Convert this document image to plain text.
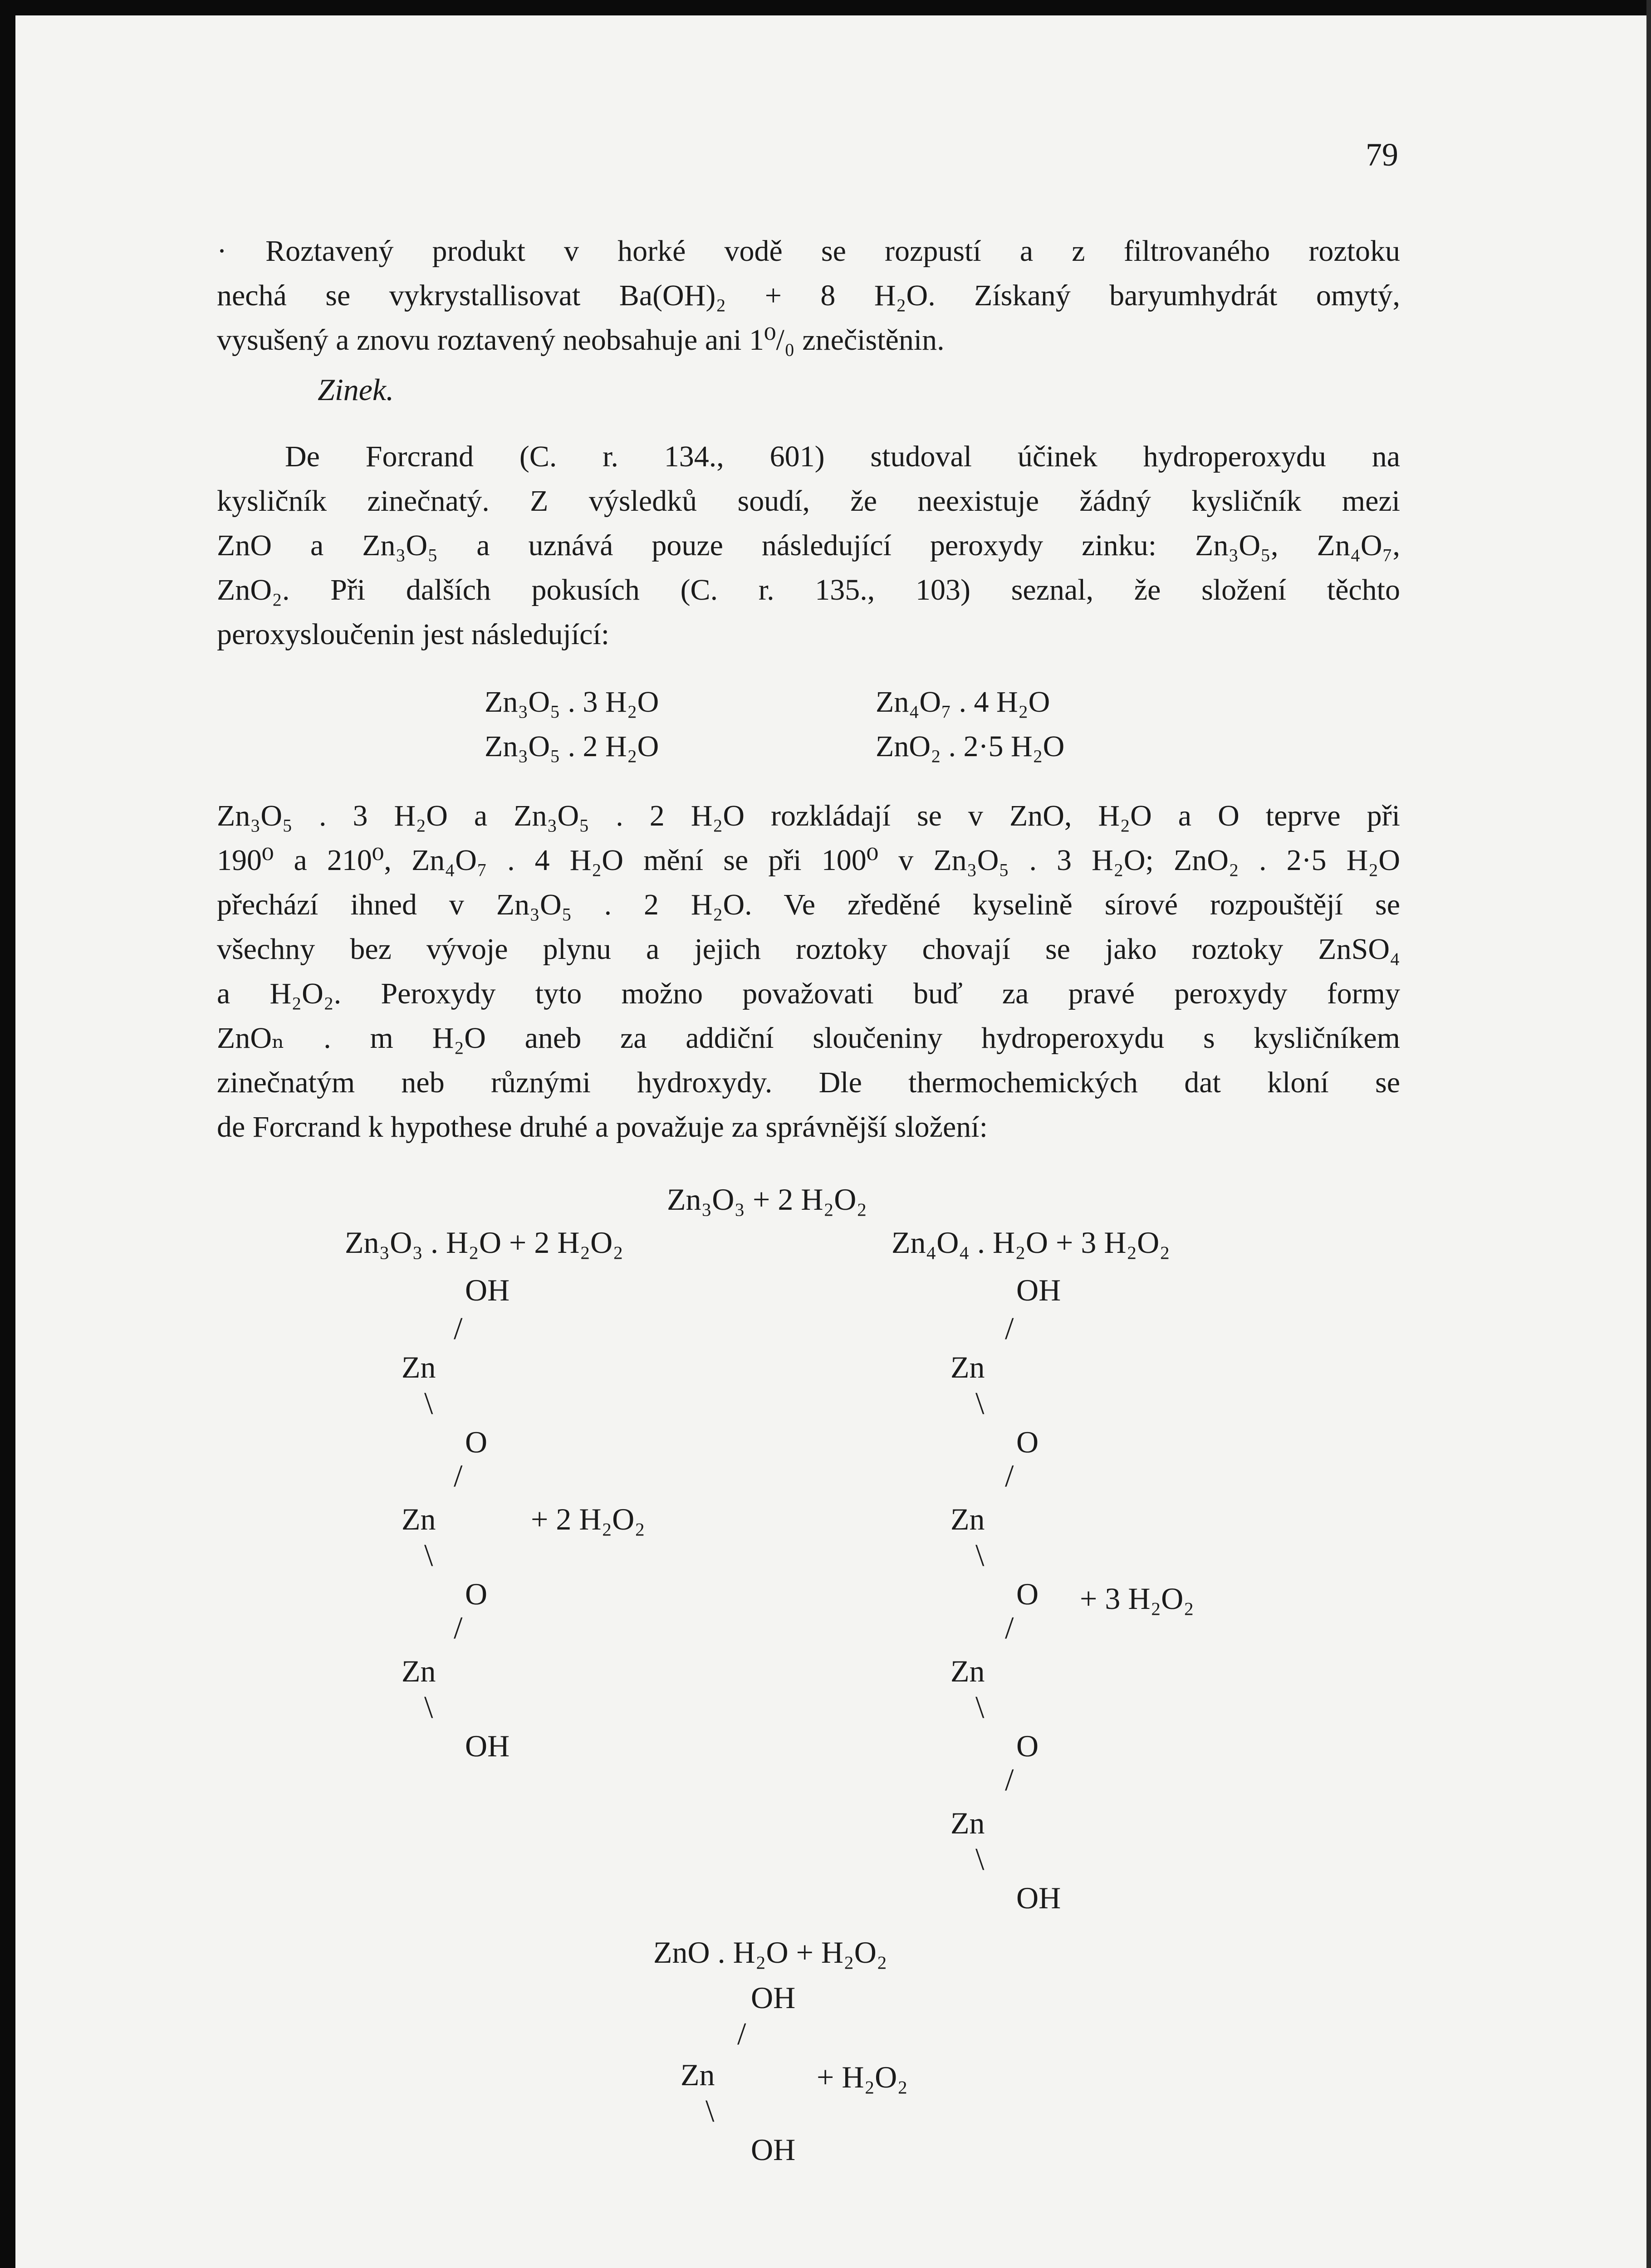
79
· Roztavený produkt v horké vodě se rozpustí a z filtrovaného roztoku
nechá se vykrystallisovat Ba(OH)₂ + 8 H₂O. Získaný baryumhydrát omytý,
vysušený a znovu roztavený neobsahuje ani 1⁰/₀ znečistěnin.
Zinek.
De Forcrand (C. r. 134., 601) studoval účinek hydroperoxydu na
kysličník zinečnatý. Z výsledků soudí, že neexistuje žádný kysličník mezi
ZnO a Zn₃O₅ a uznává pouze následující peroxydy zinku: Zn₃O₅, Zn₄O₇,
ZnO₂. Při dalších pokusích (C. r. 135., 103) seznal, že složení těchto
peroxysloučenin jest následující:
Zn₃O₅ . 3 H₂O	Zn₄O₇ . 4 H₂O
Zn₃O₅ . 2 H₂O	ZnO₂ . 2·5 H₂O
Zn₃O₅ . 3 H₂O a Zn₃O₅ . 2 H₂O rozkládají se v ZnO, H₂O a O teprve při
190⁰ a 210⁰, Zn₄O₇ . 4 H₂O mění se při 100⁰ v Zn₃O₅ . 3 H₂O; ZnO₂ . 2·5 H₂O
přechází ihned v Zn₃O₅ . 2 H₂O. Ve zředěné kyselině sírové rozpouštějí se
všechny bez vývoje plynu a jejich roztoky chovají se jako roztoky ZnSO₄
a H₂O₂. Peroxydy tyto možno považovati buď za pravé peroxydy formy
ZnOₙ . m H₂O aneb za addiční sloučeniny hydroperoxydu s kysličníkem
zinečnatým neb různými hydroxydy. Dle thermochemických dat kloní se
de Forcrand k hypothese druhé a považuje za správnější složení:
Zn₃O₃ + 2 H₂O₂
Zn₃O₃ . H₂O + 2 H₂O₂
OH
/
Zn
\
O
/
Zn	+ 2 H₂O₂
\
O
/
Zn
\
OH
Zn₄O₄ . H₂O + 3 H₂O₂
OH
/
Zn
\
O
/
Zn
\
O + 3 H₂O₂
/
Zn
\
O
/
Zn
\
OH
ZnO . H₂O + H₂O₂
OH
/
Zn	+ H₂O₂
\
OH
